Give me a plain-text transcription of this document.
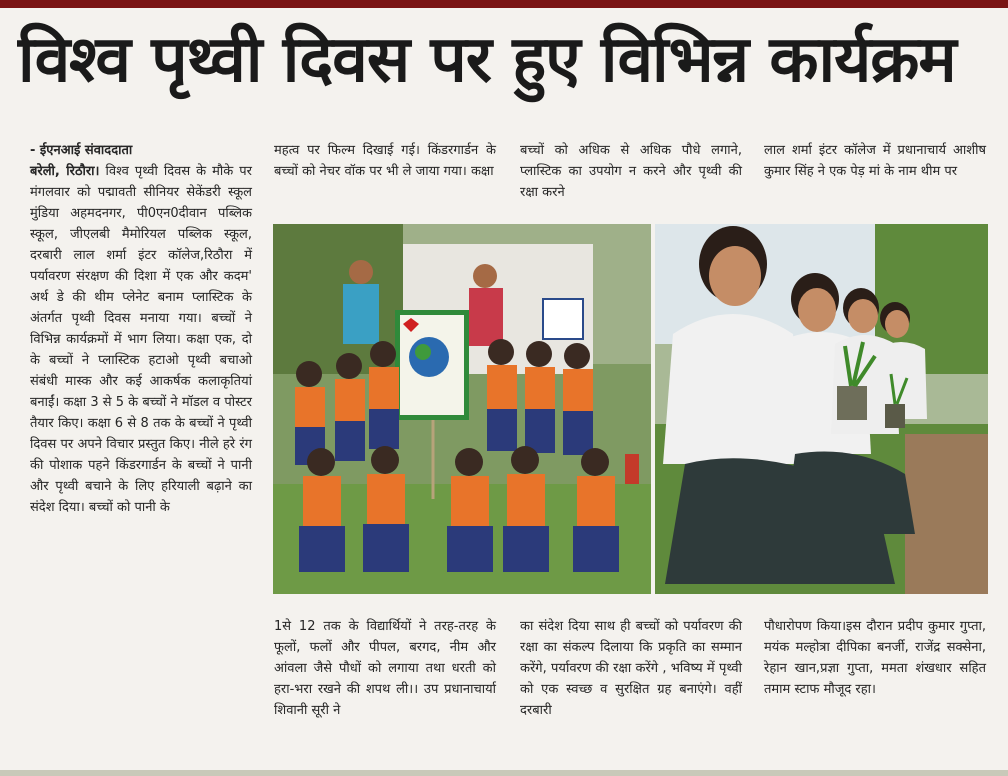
विश्व पृथ्वी दिवस पर हुए विभिन्न कार्यक्रम

- ईएनआई संवाददाता
बरेली, रिठौरा। विश्व पृथ्वी दिवस के मौके पर मंगलवार को पद्मावती सीनियर सेकेंडरी स्कूल मुंडिया अहमदनगर, पी0एन0दीवान पब्लिक स्कूल, जीएलबी मैमोरियल पब्लिक स्कूल, दरबारी लाल शर्मा इंटर कॉलेज,रिठौरा में पर्यावरण संरक्षण की दिशा में एक और कदम' अर्थ डे की थीम प्लेनेट बनाम प्लास्टिक के अंतर्गत पृथ्वी दिवस मनाया गया। बच्चों ने विभिन्न कार्यक्रमों में भाग लिया। कक्षा एक, दो के बच्चों ने प्लास्टिक हटाओ पृथ्वी बचाओ संबंधी मास्क और कई आकर्षक कलाकृतियां बनाईं। कक्षा 3 से 5 के बच्चों ने मॉडल व पोस्टर तैयार किए। कक्षा 6 से 8 तक के बच्चों ने पृथ्वी दिवस पर अपने विचार प्रस्तुत किए। नीले हरे रंग की पोशाक पहने किंडरगार्डन के बच्चों ने पानी और पृथ्वी बचाने के लिए हरियाली बढ़ाने का संदेश दिया। बच्चों को पानी के

महत्व पर फिल्म दिखाई गई। किंडरगार्डन के बच्चों को नेचर वॉक पर भी ले जाया गया। कक्षा

बच्चों को अधिक से अधिक पौधे लगाने, प्लास्टिक का उपयोग न करने और पृथ्वी की रक्षा करने

लाल शर्मा इंटर कॉलेज में प्रधानाचार्य आशीष कुमार सिंह ने एक पेड़ मां के नाम थीम पर

1से 12 तक के विद्यार्थियों ने तरह-तरह के फूलों, फलों और पीपल, बरगद, नीम और आंवला जैसे पौधों को लगाया तथा धरती को हरा-भरा रखने की शपथ ली।। उप प्रधानाचार्या शिवानी सूरी ने

का संदेश दिया साथ ही बच्चों को पर्यावरण की रक्षा का संकल्प दिलाया कि प्रकृति का सम्मान करेंगे, पर्यावरण की रक्षा करेंगे , भविष्य में पृथ्वी को एक स्वच्छ व सुरक्षित ग्रह बनाएंगे। वहीं दरबारी

पौधारोपण किया।इस दौरान प्रदीप कुमार गुप्ता, मयंक मल्होत्रा दीपिका बनर्जी, राजेंद्र सक्सेना, रेहान खान,प्रज्ञा गुप्ता, ममता शंखधार सहित तमाम स्टाफ मौजूद रहा।
